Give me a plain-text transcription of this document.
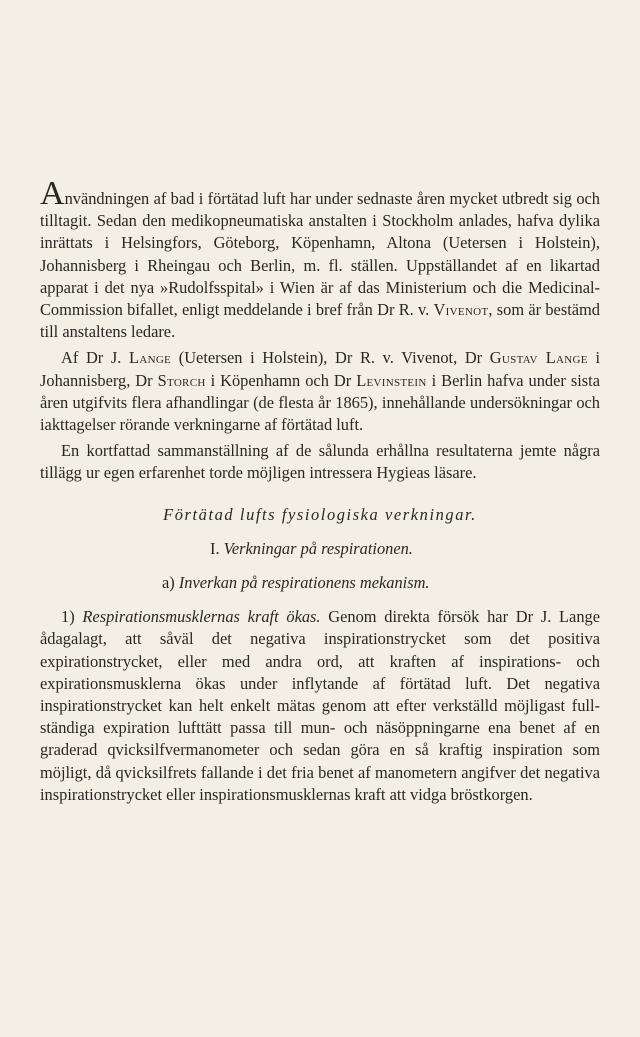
Användningen af bad i förtätad luft har under sednaste åren mycket utbredt sig och tilltagit. Sedan den medikopneumatiska anstalten i Stockholm anlades, hafva dylika inrättats i Helsingfors, Göteborg, Köpenhamn, Altona (Uetersen i Holstein), Johannisberg i Rheingau och Berlin, m. fl. ställen. Uppställandet af en likartad apparat i det nya »Rudolfsspital» i Wien är af das Ministerium och die Medicinal-Commission bifallet, enligt meddelande i bref från Dr R. v. Vivenot, som är bestämd till anstaltens ledare.

Af Dr J. Lange (Uetersen i Holstein), Dr R. v. Vivenot, Dr Gustav Lange i Johannisberg, Dr Storch i Köpenhamn och Dr Levinstein i Berlin hafva under sista åren utgifvits flera afhandlingar (de flesta år 1865), innehållande undersökningar och iakttagelser rörande verkningarne af förtätad luft.

En kortfattad sammanställning af de sålunda erhållna resultaterna jemte några tillägg ur egen erfarenhet torde möjligen intressera Hygieas läsare.

Förtätad lufts fysiologiska verkningar.

I. Verkningar på respirationen.

a) Inverkan på respirationens mekanism.

1) Respirationsmusklernas kraft ökas. Genom direkta försök har Dr J. Lange ådagalagt, att såväl det negativa inspirationstrycket som det positiva expirationstrycket, eller med andra ord, att kraften af inspirations- och expirationsmusklerna ökas under inflytande af förtätad luft. Det negativa inspirationstrycket kan helt enkelt mätas genom att efter verkställd möjligast fullständiga expiration lufttätt passa till mun- och näsöppningarne ena benet af en graderad qvicksilfvermanometer och sedan göra en så kraftig inspiration som möjligt, då qvicksilfrets fallande i det fria benet af manometern angifver det negativa inspirationstrycket eller inspirationsmusklernas kraft att vidga bröstkorgen.
